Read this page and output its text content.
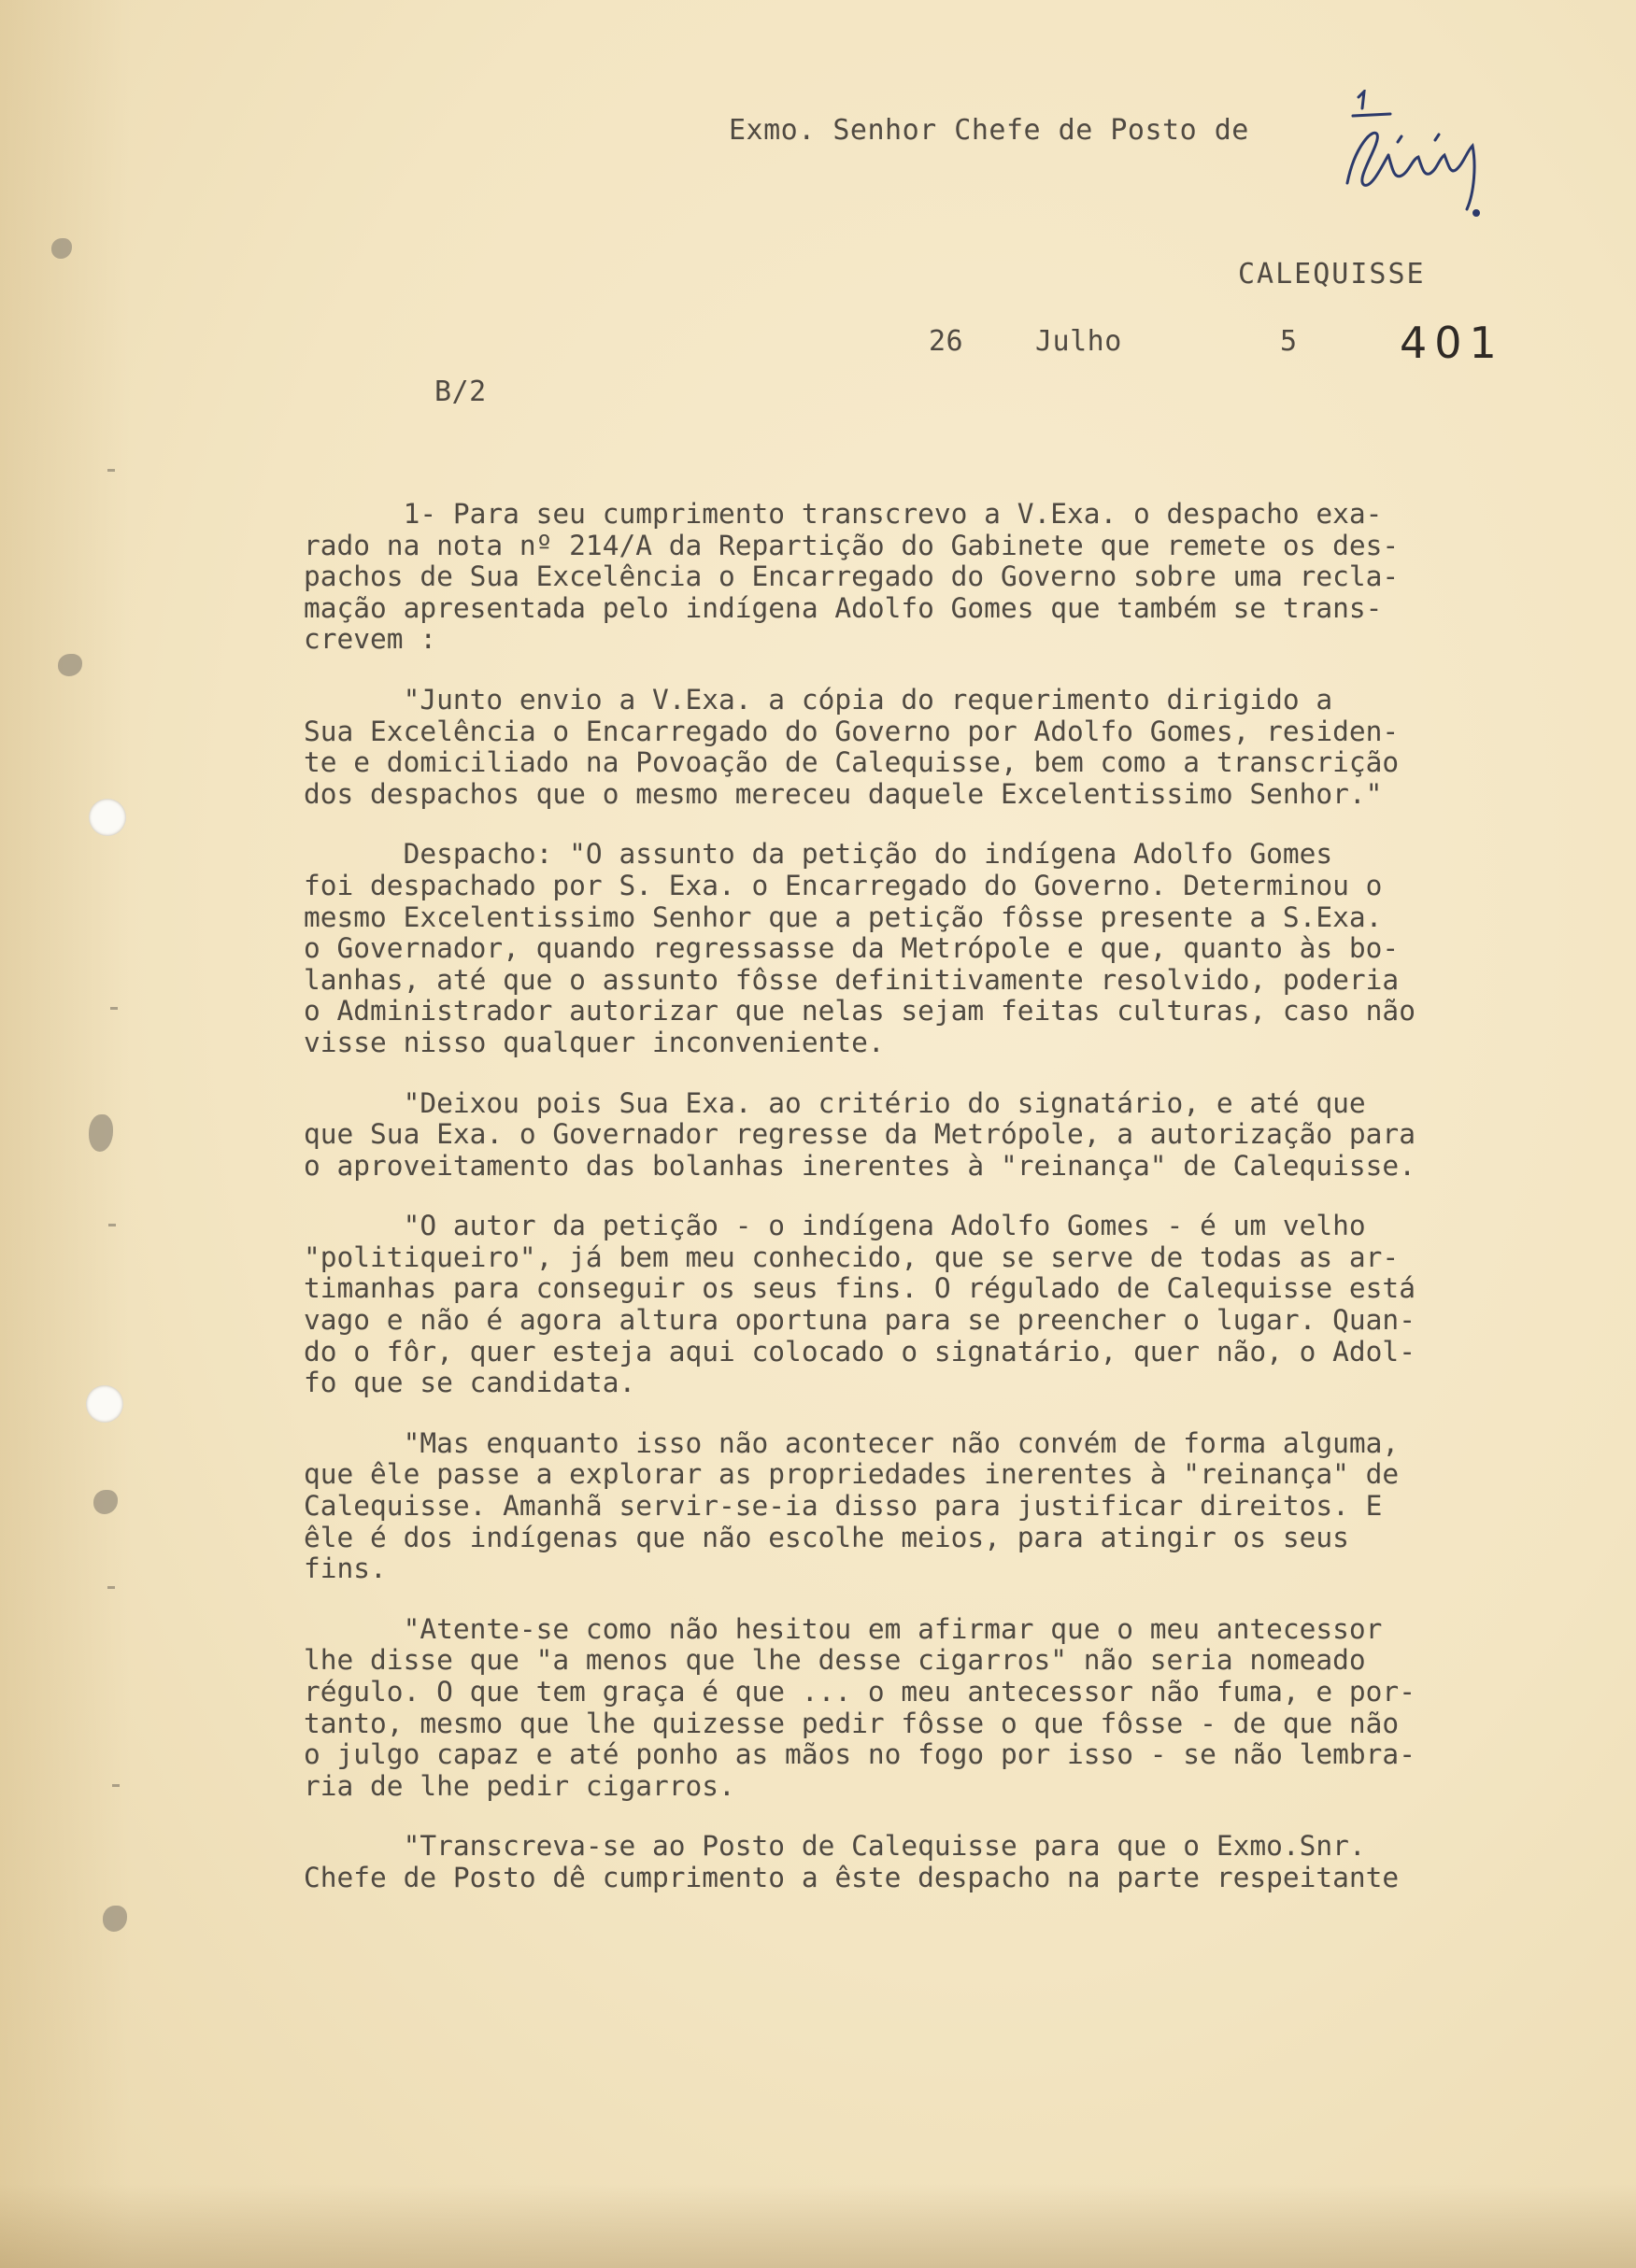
Exmo. Senhor Chefe de Posto de
CALEQUISSE
26	Julho	5 401
B/2

1- Para seu cumprimento transcrevo a V.Exa. o despacho exa-

rado na nota nº 214/A da Repartição do Gabinete que remete os des-

pachos de Sua Excelência o Encarregado do Governo sobre uma recla-

mação apresentada pelo indígena Adolfo Gomes que também se trans-

crevem :

"Junto envio a V.Exa. a cópia do requerimento dirigido a

Sua Excelência o Encarregado do Governo por Adolfo Gomes, residen-

te e domiciliado na Povoação de Calequisse, bem como a transcrição

dos despachos que o mesmo mereceu daquele Excelentissimo Senhor."

Despacho: "O assunto da petição do indígena Adolfo Gomes

foi despachado por S. Exa. o Encarregado do Governo. Determinou o

mesmo Excelentissimo Senhor que a petição fôsse presente a S.Exa.

o Governador, quando regressasse da Metrópole e que, quanto às bo-

lanhas, até que o assunto fôsse definitivamente resolvido, poderia

o Administrador autorizar que nelas sejam feitas culturas, caso não

visse nisso qualquer inconveniente.

"Deixou pois Sua Exa. ao critério do signatário, e até que

que Sua Exa. o Governador regresse da Metrópole, a autorização para

o aproveitamento das bolanhas inerentes à "reinança" de Calequisse.

"O autor da petição - o indígena Adolfo Gomes - é um velho

"politiqueiro", já bem meu conhecido, que se serve de todas as ar-

timanhas para conseguir os seus fins. O régulado de Calequisse está

vago e não é agora altura oportuna para se preencher o lugar. Quan-

do o fôr, quer esteja aqui colocado o signatário, quer não, o Adol-

fo que se candidata.

"Mas enquanto isso não acontecer não convém de forma alguma,

que êle passe a explorar as propriedades inerentes à "reinança" de

Calequisse. Amanhã servir-se-ia disso para justificar direitos. E

êle é dos indígenas que não escolhe meios, para atingir os seus

fins.

"Atente-se como não hesitou em afirmar que o meu antecessor

lhe disse que "a menos que lhe desse cigarros" não seria nomeado

régulo. O que tem graça é que ... o meu antecessor não fuma, e por-

tanto, mesmo que lhe quizesse pedir fôsse o que fôsse - de que não

o julgo capaz e até ponho as mãos no fogo por isso - se não lembra-

ria de lhe pedir cigarros.

"Transcreva-se ao Posto de Calequisse para que o Exmo.Snr.

Chefe de Posto dê cumprimento a êste despacho na parte respeitante
